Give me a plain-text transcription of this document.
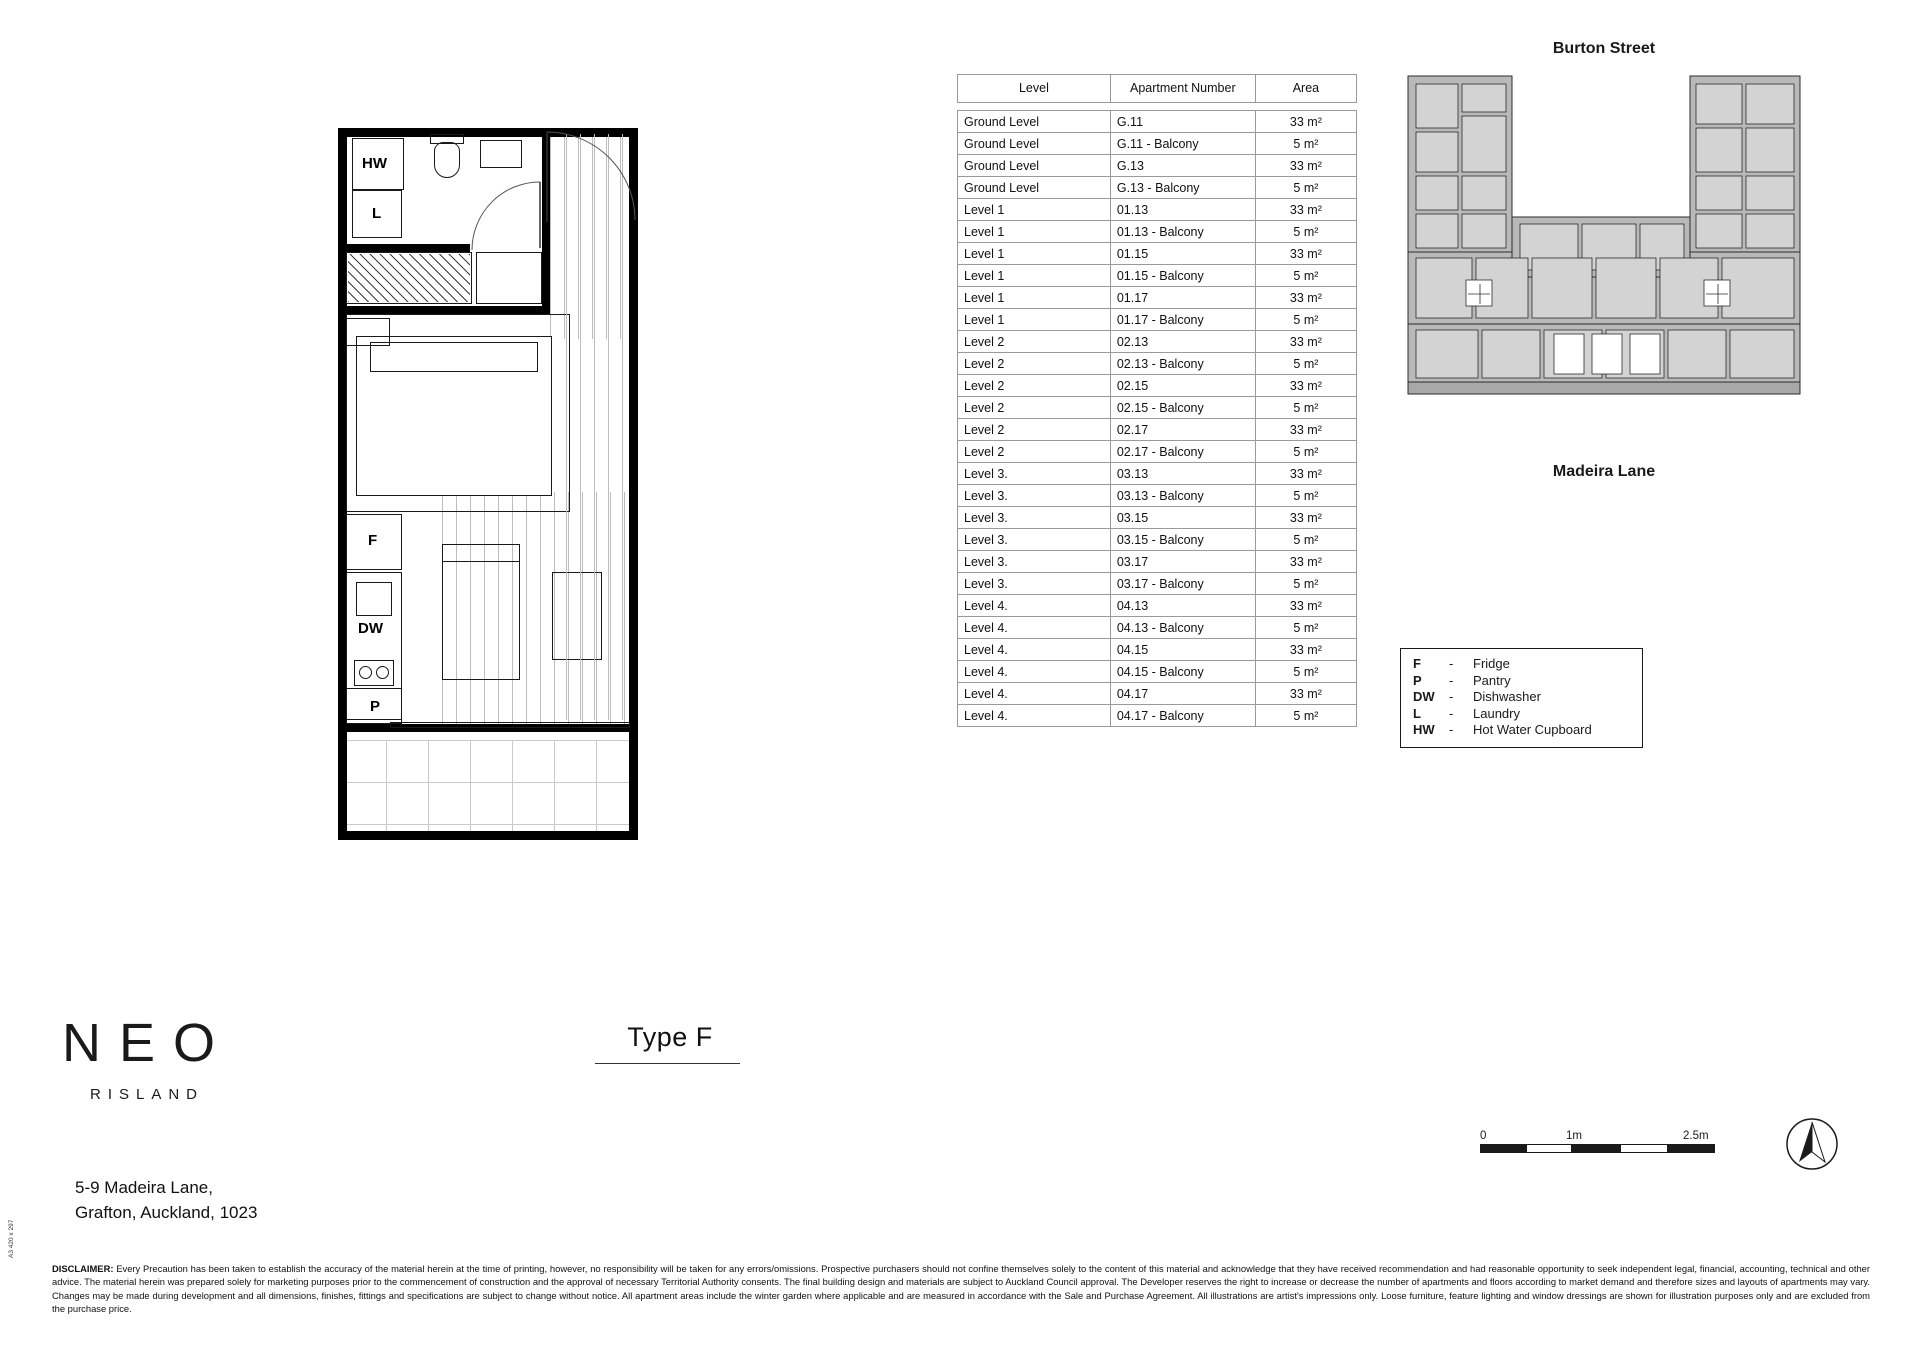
HW
L
F
DW
P
Type F
Level	Apartment Number	Area

Ground Level	G.11	33 m²
Ground Level	G.11 - Balcony	5 m²
Ground Level	G.13	33 m²
Ground Level	G.13 - Balcony	5 m²
Level 1	01.13	33 m²
Level 1	01.13 - Balcony	5 m²
Level 1	01.15	33 m²
Level 1	01.15 - Balcony	5 m²
Level 1	01.17	33 m²
Level 1	01.17 - Balcony	5 m²
Level 2	02.13	33 m²
Level 2	02.13 - Balcony	5 m²
Level 2	02.15	33 m²
Level 2	02.15 - Balcony	5 m²
Level 2	02.17	33 m²
Level 2	02.17 - Balcony	5 m²
Level 3.	03.13	33 m²
Level 3.	03.13 - Balcony	5 m²
Level 3.	03.15	33 m²
Level 3.	03.15 - Balcony	5 m²
Level 3.	03.17	33 m²
Level 3.	03.17 - Balcony	5 m²
Level 4.	04.13	33 m²
Level 4.	04.13 - Balcony	5 m²
Level 4.	04.15	33 m²
Level 4.	04.15 - Balcony	5 m²
Level 4.	04.17	33 m²
Level 4.	04.17 - Balcony	5 m²
F	-	Fridge
P	-	Pantry
DW	-	Dishwasher
L	-	Laundry
HW	-	Hot Water Cupboard
Burton Street
Madeira Lane
NEO
RISLAND
5-9 Madeira Lane,
Grafton, Auckland, 1023
0	1m	2.5m
DISCLAIMER: Every Precaution has been taken to establish the accuracy of the material herein at the time of printing, however, no responsibility will be taken for any errors/omissions. Prospective purchasers should not confine themselves solely to the content of this material and acknowledge that they have received recommendation and had reasonable opportunity to seek independent legal, financial, accounting, technical and other advice. The material herein was prepared solely for marketing purposes prior to the commencement of construction and the approval of necessary Territorial Authority consents. The final building design and materials are subject to Auckland Council approval. The Developer reserves the right to increase or decrease the number of apartments and floors according to market demand and therefore sizes and layouts of apartments may vary. Changes may be made during development and all dimensions, finishes, fittings and specifications are subject to change without notice. All apartment areas include the winter garden where applicable and are measured in accordance with the Sale and Purchase Agreement. All illustrations are artist's impressions only. Loose furniture, feature lighting and window dressings are shown for illustration purposes only and are excluded from the purchase price.
A3 420 x 297
